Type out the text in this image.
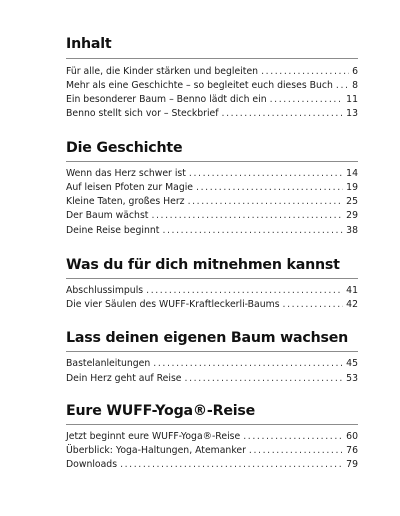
Inhalt
Für alle, die Kinder stärken und begleiten .....	6
Mehr als eine Geschichte – so begleitet euch dieses Buch ..... 8
Ein besonderer Baum – Benno lädt dich ein .....	11
Benno stellt sich vor – Steckbrief .....	13
Die Geschichte
Wenn das Herz schwer ist .....	14
Auf leisen Pfoten zur Magie .....	19
Kleine Taten, großes Herz .....	25
Der Baum wächst .....	29
Deine Reise beginnt .....	38
Was du für dich mitnehmen kannst
Abschlussimpuls .....	41
Die vier Säulen des WUFF-Kraftleckerli-Baums .....	42
Lass deinen eigenen Baum wachsen
Bastelanleitungen .....	45
Dein Herz geht auf Reise .....	53
Eure WUFF-Yoga®-Reise
Jetzt beginnt eure WUFF-Yoga®-Reise .....	60
Überblick: Yoga-Haltungen, Atemanker .....	76
Downloads .....	79
